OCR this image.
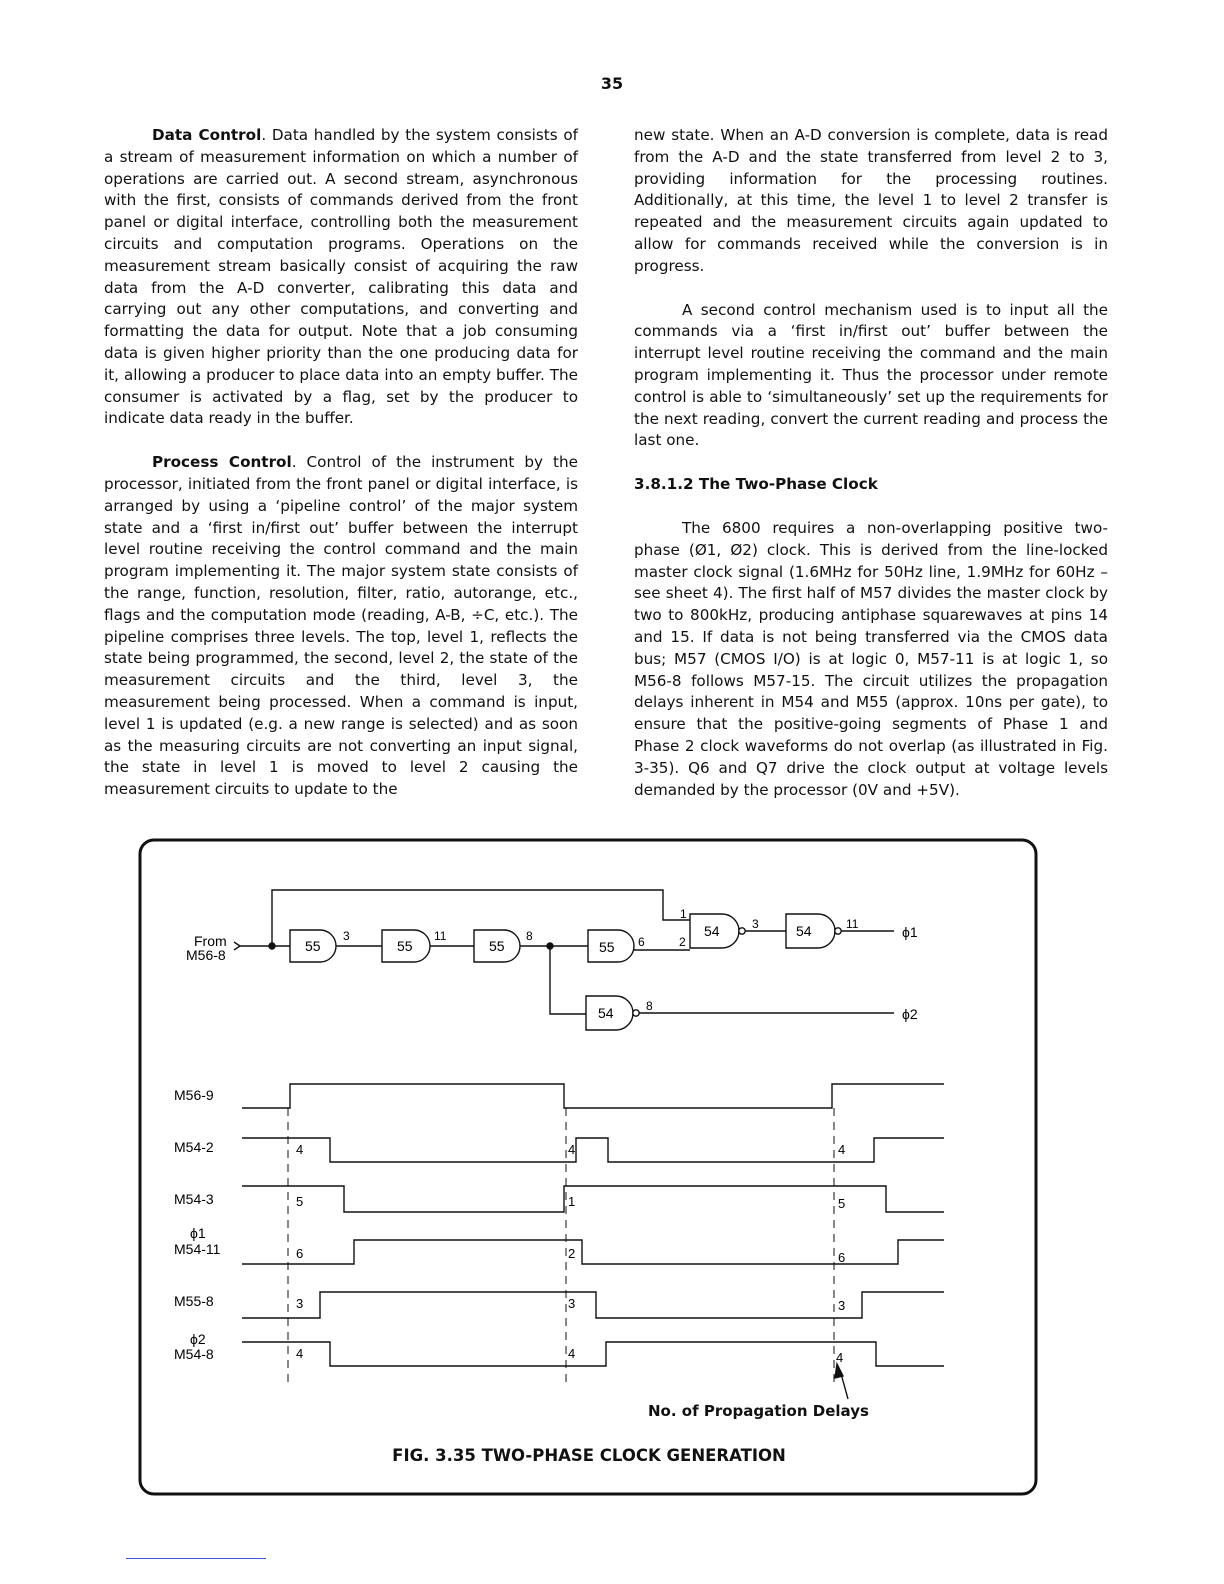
35

Data Control. Data handled by the system consists of a stream of measurement information on which a number of operations are carried out. A second stream, asynchronous with the first, consists of commands derived from the front panel or digital interface, controlling both the measurement circuits and computation programs. Operations on the measurement stream basically consist of acquiring the raw data from the A-D converter, calibrating this data and carrying out any other computations, and converting and formatting the data for output. Note that a job consuming data is given higher priority than the one producing data for it, allowing a producer to place data into an empty buffer. The consumer is activated by a flag, set by the producer to indicate data ready in the buffer.

Process Control. Control of the instrument by the processor, initiated from the front panel or digital interface, is arranged by using a ‘pipeline control’ of the major system state and a ‘first in/first out’ buffer between the interrupt level routine receiving the control command and the main program implementing it. The major system state consists of the range, function, resolution, filter, ratio, autorange, etc., flags and the computation mode (reading, A-B, ÷C, etc.). The pipeline comprises three levels. The top, level 1, reflects the state being programmed, the second, level 2, the state of the measurement circuits and the third, level 3, the measurement being processed. When a command is input, level 1 is updated (e.g. a new range is selected) and as soon as the measuring circuits are not converting an input signal, the state in level 1 is moved to level 2 causing the measurement circuits to update to the

new state. When an A-D conversion is complete, data is read from the A-D and the state transferred from level 2 to 3, providing information for the processing routines. Additionally, at this time, the level 1 to level 2 transfer is repeated and the measurement circuits again updated to allow for commands received while the conversion is in progress.

A second control mechanism used is to input all the commands via a ‘first in/first out’ buffer between the interrupt level routine receiving the command and the main program implementing it. Thus the processor under remote control is able to ‘simultaneously’ set up the requirements for the next reading, convert the current reading and process the last one.

3.8.1.2 The Two-Phase Clock

The 6800 requires a non-overlapping positive two-phase (Ø1, Ø2) clock. This is derived from the line-locked master clock signal (1.6MHz for 50Hz line, 1.9MHz for 60Hz – see sheet 4). The first half of M57 divides the master clock by two to 800kHz, producing antiphase squarewaves at pins 14 and 15. If data is not being transferred via the CMOS data bus; M57 (CMOS I/O) is at logic 0, M57-11 is at logic 1, so M56-8 follows M57-15. The circuit utilizes the propagation delays inherent in M54 and M55 (approx. 10ns per gate), to ensure that the positive-going segments of Phase 1 and Phase 2 clock waveforms do not overlap (as illustrated in Fig. 3-35). Q6 and Q7 drive the clock output at voltage levels demanded by the processor (0V and +5V).

From
M56-8
55	55	55	55
54	54
54
3	11	8	6
1
2
3	11
8
ϕ1
ϕ2
M56-9
M54-2
M54-3
ϕ1
M54-11
M55-8
ϕ2
M54-8
4	4	4
5	1	5
6	2	6
3	3	3
4	4	4
No. of Propagation Delays
FIG. 3.35 TWO-PHASE CLOCK GENERATION
